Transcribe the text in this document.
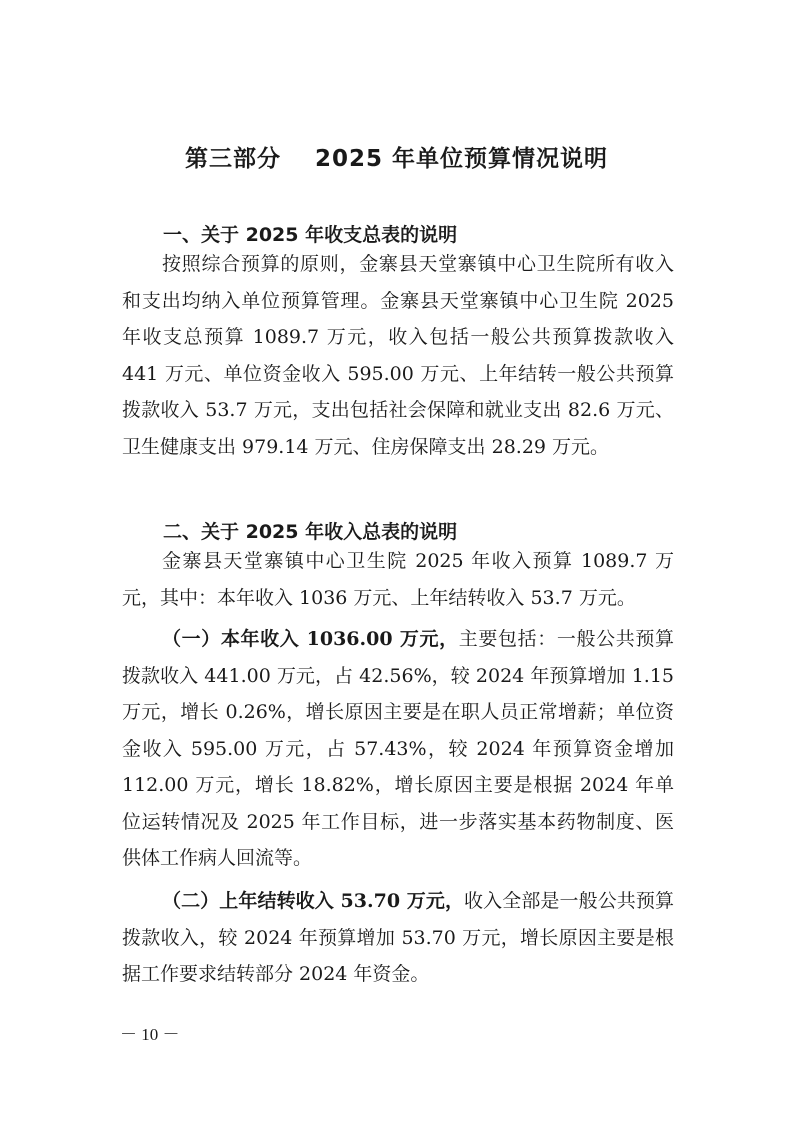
第三部分 2025 年单位预算情况说明
一、关于 2025 年收支总表的说明
按照综合预算的原则，金寨县天堂寨镇中心卫生院所有收入和支出均纳入单位预算管理。金寨县天堂寨镇中心卫生院 2025 年收支总预算 1089.7 万元，收入包括一般公共预算拨款收入 441 万元、单位资金收入 595.00 万元、上年结转一般公共预算拨款收入 53.7 万元，支出包括社会保障和就业支出 82.6 万元、卫生健康支出 979.14 万元、住房保障支出 28.29 万元。
二、关于 2025 年收入总表的说明
金寨县天堂寨镇中心卫生院 2025 年收入预算 1089.7 万元，其中：本年收入 1036 万元、上年结转收入 53.7 万元。
（一）本年收入 1036.00 万元，主要包括：一般公共预算拨款收入 441.00 万元，占 42.56%，较 2024 年预算增加 1.15 万元，增长 0.26%，增长原因主要是在职人员正常增薪；单位资金收入 595.00 万元，占 57.43%，较 2024 年预算资金增加 112.00 万元，增长 18.82%，增长原因主要是根据 2024 年单位运转情况及 2025 年工作目标，进一步落实基本药物制度、医供体工作病人回流等。
（二）上年结转收入 53.70 万元，收入全部是一般公共预算拨款收入，较 2024 年预算增加 53.70 万元，增长原因主要是根据工作要求结转部分 2024 年资金。
－ 10 －
